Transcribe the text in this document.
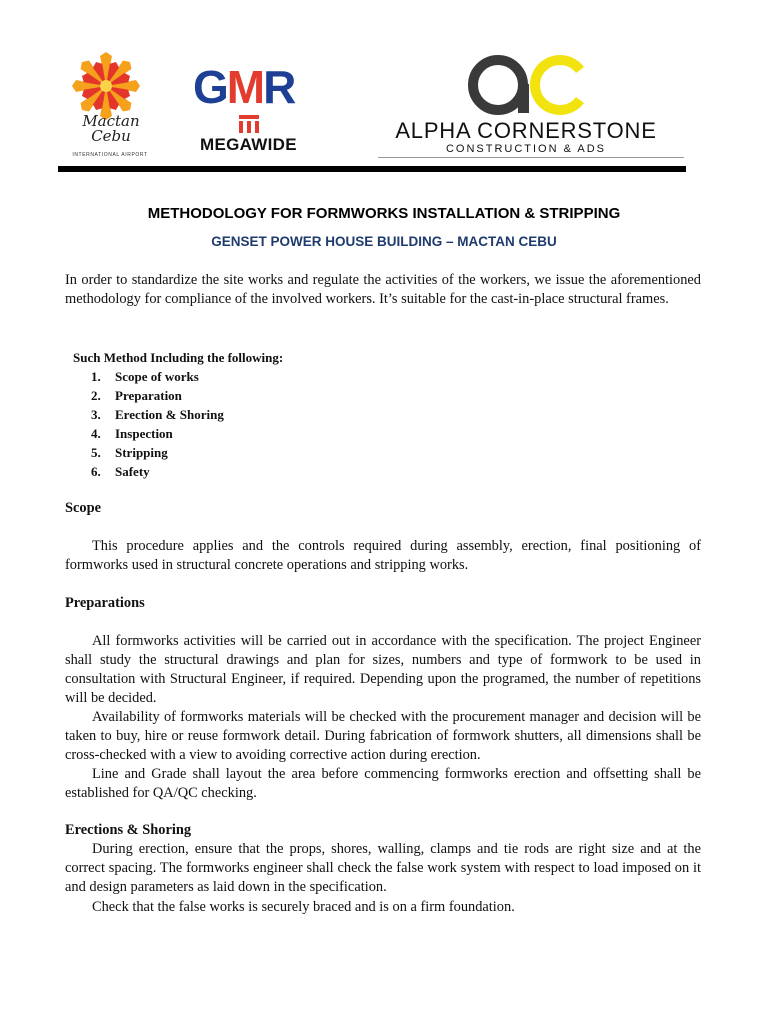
Mactan
Cebu
INTERNATIONAL AIRPORT
GMR
MEGAWIDE
ALPHA CORNERSTONE
CONSTRUCTION & ADS
METHODOLOGY FOR FORMWORKS INSTALLATION & STRIPPING
GENSET POWER HOUSE BUILDING – MACTAN CEBU
In order to standardize the site works and regulate the activities of the workers, we issue the aforementioned methodology for compliance of the involved workers. It’s suitable for the cast-in-place structural frames.
Such Method Including the following:
1.	Scope of works
2.	Preparation
3.	Erection & Shoring
4.	Inspection
5.	Stripping
6.	Safety
Scope
This procedure applies and the controls required during assembly, erection, final positioning of formworks used in structural concrete operations and stripping works.
Preparations
All formworks activities will be carried out in accordance with the specification. The project Engineer shall study the structural drawings and plan for sizes, numbers and type of formwork to be used in consultation with Structural Engineer, if required. Depending upon the programed, the number of repetitions will be decided.
Availability of formworks materials will be checked with the procurement manager and decision will be taken to buy, hire or reuse formwork detail. During fabrication of formwork shutters, all dimensions shall be cross-checked with a view to avoiding corrective action during erection.
Line and Grade shall layout the area before commencing formworks erection and offsetting shall be established for QA/QC checking.
Erections & Shoring
During erection, ensure that the props, shores, walling, clamps and tie rods are right size and at the correct spacing. The formworks engineer shall check the false work system with respect to load imposed on it and design parameters as laid down in the specification.
Check that the false works is securely braced and is on a firm foundation.
